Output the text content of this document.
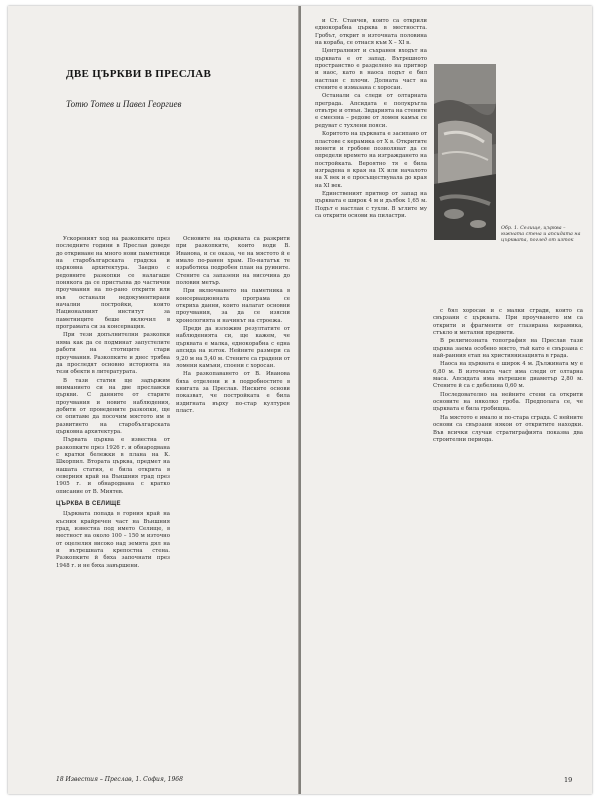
ДВЕ ЦЪРКВИ В ПРЕСЛАВ
Тотю Тотев и Павел Георгиев

Ускореният ход на разкопките през последните години в Преслав доведе до откриване на много нови паметници на старобългарската градска и църковна архитектура. Заедно с редовните разкопки се налагаше понякога да се пристъпва до частични проучвания на по-рано открити или във останали недокументирани начални постройки, които Националният институт за паметниците беше включил в програмата си за консервация.

При тези допълнителни разкопки няма как да се подминат запустелите работи на стотиците стари проучвания. Разкопките и днес трябва да проследят основно историята на тези обекти в литературата.

В тази статия ще задържим вниманието си на две преславски църкви. С данните от старите проучвания и новите наблюдения, добити от проведените разкопки, ще се опитаме да посочим мястото им в развитието на старобългарската църковна архитектура.

Първата църква е известна от разкопките през 1926 г. и обнародвана с кратки бележки в плана на К. Шкорпил. Втората църква, предмет на нашата статия, е била открита в северния край на Външния град през 1905 г. и обнародвана с кратко описание от В. Миятев.

ЦЪРКВА В СЕЛИЩЕ

Църквата попада в горния край на късния крайречен част на Външния град, известна под името Селище, в местност на около 100 – 150 м източно от оцелелия високо над земята дял на и вътрешната крепостна стена. Разкопките й бяха започнати през 1948 г. и не бяха завършени.

Основите на църквата са разкрити при разкопките, които води В. Иванова, и се оказа, че на мястото й е имало по-ранен храм. По-нататък те изработиха подробен план на руините. Стените са запазени на височина до половин метър.

При включването на паметника в консервационната програма се откриха данни, които налагат основни проучвания, за да се изясни хронологията и начинът на строежа.

Преди да изложим резултатите от наблюденията си, ще кажем, че църквата е малка, еднокорабна с една апсида на изток. Нейните размери са 9,20 м на 5,40 м. Стените са градени от ломени камъни, споени с хоросан.

На разкопаването от В. Иванова бяха отделени и в подробностите в книгата за Преслав. Ниските основи показват, че постройката е била издигната върху по-стар културен пласт.

18 Известия – Преслав, 1. София, 1968

и Ст. Станчев, които са открили еднокорабна църква в местността. Гробът, открит в източната половина на кораба, се отнася към X – XI в.

Централният и съхранен входът на църквата е от запад. Вътрешното пространство е разделено на притвор и наос, като в наоса подът е бил настлан с плочи. Долната част на стените е измазана с хоросан.

Останали са следи от олтарната преграда. Апсидата е полукръгла отвътре и отвън. Зидарията на стените е смесена – редове от ломен камък се редуват с тухлени пояси.

Коритото на църквата е засипано от пластове с керамика от X в. Откритите монети и гробове позволяват да се определи времето на изграждането на постройката. Вероятно тя е била изградена в края на IX или началото на X век и е просъществувала до края на XI век.

Единственият притвор от запад на църквата е широк 4 м и дълбок 1,65 м. Подът е настлан с тухли. В ъглите му са открити основи на пиластри.

Обр. 1. Селище, църква – южната стена и апсидата на църквата, поглед от изток

с бял хоросан и с малки сгради, които са свързани с църквата. При проучването им са открити и фрагменти от глазирана керамика, стъкло и метални предмети.

В религиозната топография на Преслав тази църква заема особено място, тъй като е свързана с най-ранния етап на християнизацията в града.

Наоса на църквата е широк 4 м. Дължината му е 6,80 м. В източната част има следи от олтарна маса. Апсидата има вътрешен диаметър 2,80 м. Стените й са с дебелина 0,60 м.

Последователно на нейните стени са открити основите на няколко гроба. Предполага се, че църквата е била гробищна.

На мястото е имало и по-стара сграда. С нейните основи са свързани някои от откритите находки. Във всички случаи стратиграфията показва два строителни периода.

19
